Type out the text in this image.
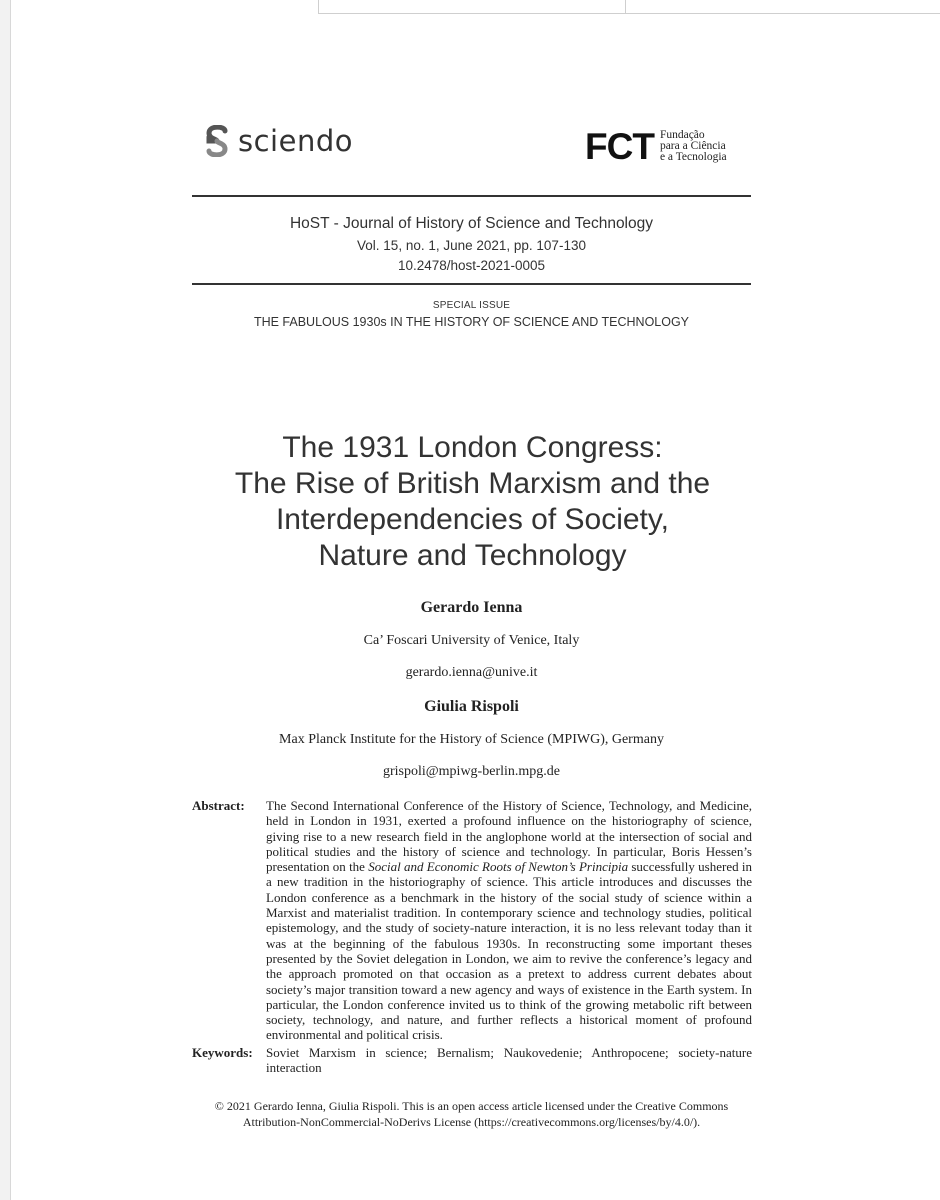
sciendo	FCT Fundação
para a Ciência
e a Tecnologia
HoST - Journal of History of Science and Technology
Vol. 15, no. 1, June 2021, pp. 107-130
10.2478/host-2021-0005
SPECIAL ISSUE
THE FABULOUS 1930s IN THE HISTORY OF SCIENCE AND TECHNOLOGY
The 1931 London Congress:
The Rise of British Marxism and the
Interdependencies of Society,
Nature and Technology
Gerardo Ienna
Ca’ Foscari University of Venice, Italy
gerardo.ienna@unive.it
Giulia Rispoli
Max Planck Institute for the History of Science (MPIWG), Germany
grispoli@mpiwg-berlin.mpg.de
Abstract:	The Second International Conference of the History of Science, Technology, and Medicine, held in London in 1931, exerted a profound influence on the historiography of science, giving rise to a new research field in the anglophone world at the intersection of social and political studies and the history of science and technology. In particular, Boris Hessen’s presentation on the Social and Economic Roots of Newton’s Principia successfully ushered in a new tradition in the historiography of science. This article introduces and discusses the London conference as a benchmark in the history of the social study of science within a Marxist and materialist tradition. In contemporary science and technology studies, political epistemology, and the study of society-nature interaction, it is no less relevant today than it was at the beginning of the fabulous 1930s. In reconstructing some important theses presented by the Soviet delegation in London, we aim to revive the conference’s legacy and the approach promoted on that occasion as a pretext to address current debates about society’s major transition toward a new agency and ways of existence in the Earth system. In particular, the London conference invited us to think of the growing metabolic rift between society, technology, and nature, and further reflects a historical moment of profound environmental and political crisis.
Keywords:	Soviet Marxism in science; Bernalism; Naukovedenie; Anthropocene; society-nature interaction
© 2021 Gerardo Ienna, Giulia Rispoli. This is an open access article licensed under the Creative Commons
Attribution-NonCommercial-NoDerivs License (https://creativecommons.org/licenses/by/4.0/).
